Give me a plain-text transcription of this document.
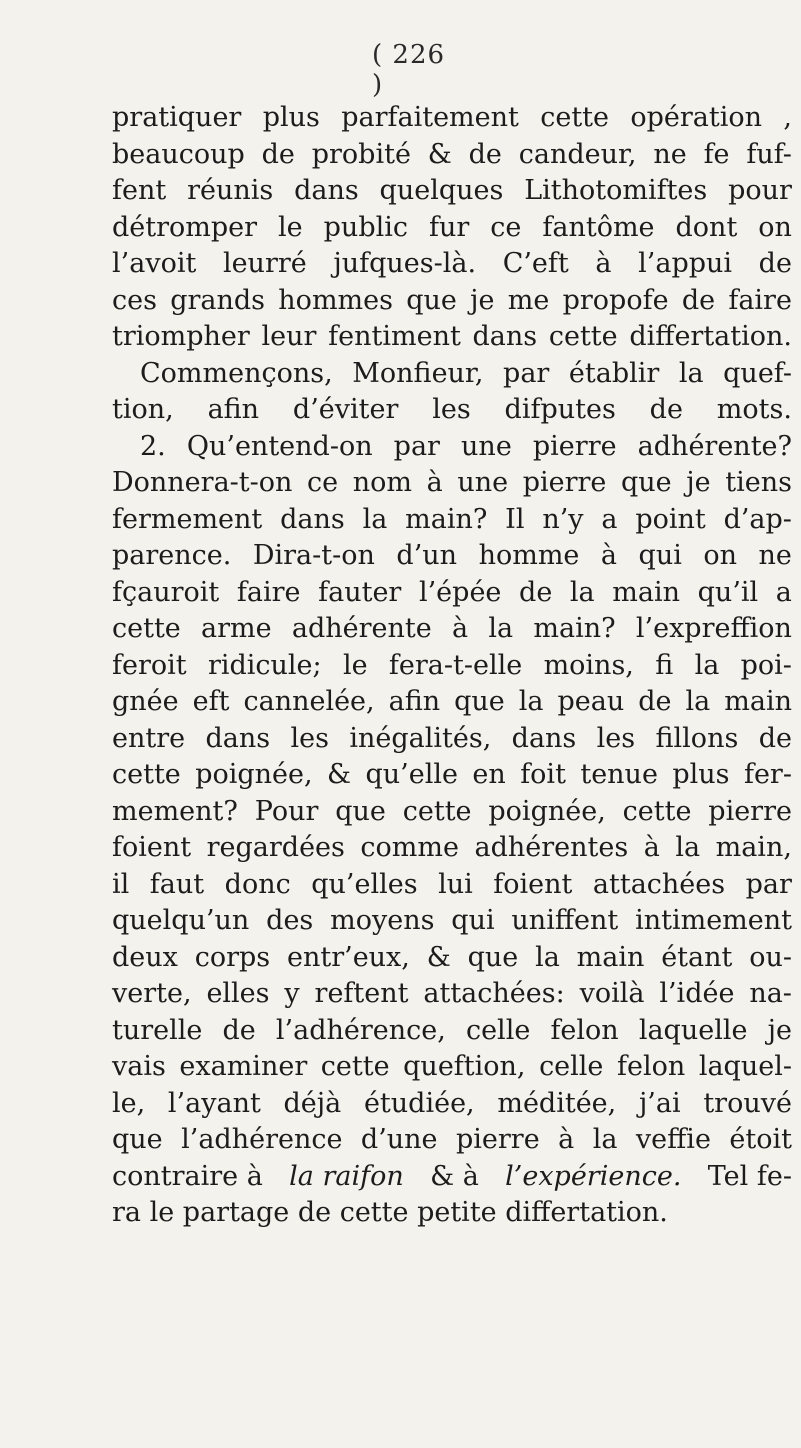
( 226 )
pratiquer plus parfaitement cette opération ,
beaucoup de probité & de candeur, ne fe fuf-
fent réunis dans quelques Lithotomiftes pour
détromper le public fur ce fantôme dont on
l’avoit leurré jufques-là. C’eft à l’appui de
ces grands hommes que je me propofe de faire
triompher leur fentiment dans cette differtation.
Commençons, Monfieur, par établir la quef-
tion, afin d’éviter les difputes de mots.
2. Qu’entend-on par une pierre adhérente?
Donnera-t-on ce nom à une pierre que je tiens
fermement dans la main? Il n’y a point d’ap-
parence. Dira-t-on d’un homme à qui on ne
fçauroit faire fauter l’épée de la main qu’il a
cette arme adhérente à la main? l’expreffion
feroit ridicule; le fera-t-elle moins, fi la poi-
gnée eft cannelée, afin que la peau de la main
entre dans les inégalités, dans les fillons de
cette poignée, & qu’elle en foit tenue plus fer-
mement? Pour que cette poignée, cette pierre
foient regardées comme adhérentes à la main,
il faut donc qu’elles lui foient attachées par
quelqu’un des moyens qui uniffent intimement
deux corps entr’eux, & que la main étant ou-
verte, elles y reftent attachées: voilà l’idée na-
turelle de l’adhérence, celle felon laquelle je
vais examiner cette queftion, celle felon laquel-
le, l’ayant déjà étudiée, méditée, j’ai trouvé
que l’adhérence d’une pierre à la veffie étoit
contraire à la raifon & à l’expérience. Tel fe-
ra le partage de cette petite differtation.
